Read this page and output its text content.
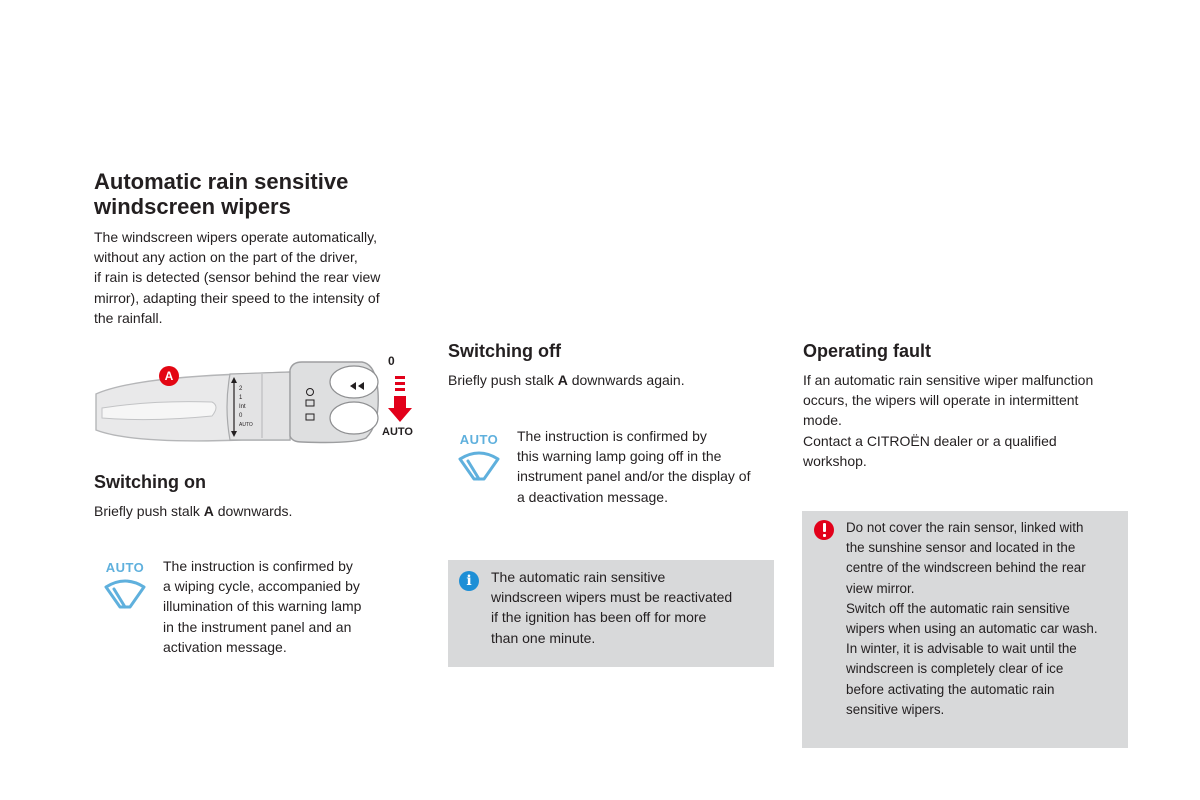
Automatic rain sensitive
windscreen wipers

The windscreen wipers operate automatically,
without any action on the part of the driver,
if rain is detected (sensor behind the rear view
mirror), adapting their speed to the intensity of
the rainfall.

2
1
Int
0
AUTO
A
0
AUTO
Switching on

Briefly push stalk A downwards.

AUTO The instruction is confirmed by
a wiping cycle, accompanied by
illumination of this warning lamp
in the instrument panel and an
activation message.

Switching off

Briefly push stalk A downwards again.

AUTO The instruction is confirmed by
this warning lamp going off in the
instrument panel and/or the display of
a deactivation message.

i	The automatic rain sensitive
windscreen wipers must be reactivated
if the ignition has been off for more
than one minute.

Operating fault

If an automatic rain sensitive wiper malfunction
occurs, the wipers will operate in intermittent
mode.
Contact a CITROËN dealer or a qualified
workshop.

Do not cover the rain sensor, linked with
the sunshine sensor and located in the
centre of the windscreen behind the rear
view mirror.
Switch off the automatic rain sensitive
wipers when using an automatic car wash.
In winter, it is advisable to wait until the
windscreen is completely clear of ice
before activating the automatic rain
sensitive wipers.
